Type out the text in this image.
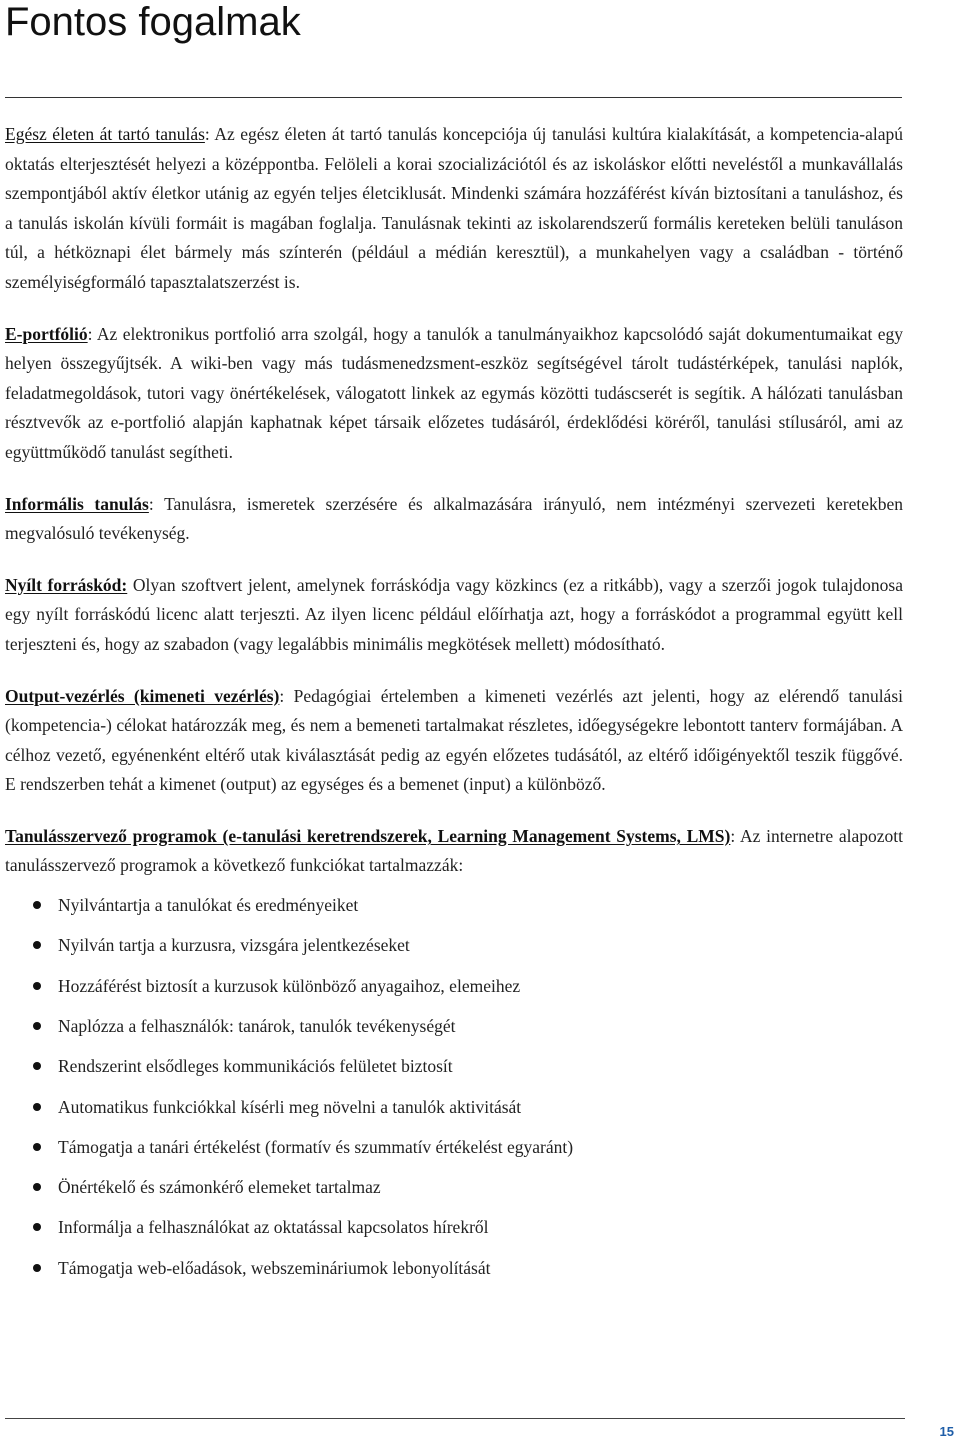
Fontos fogalmak

Egész életen át tartó tanulás: Az egész életen át tartó tanulás koncepciója új tanulási kultúra kialakítását, a kompetencia-alapú oktatás elterjesztését helyezi a középpontba. Felöleli a korai szocializációtól és az iskoláskor előtti neveléstől a munkavállalás szempontjából aktív életkor utánig az egyén teljes életciklusát. Mindenki számára hozzáférést kíván biztosítani a tanuláshoz, és a tanulás iskolán kívüli formáit is magában foglalja. Tanulásnak tekinti az iskolarendszerű formális kereteken belüli tanuláson túl, a hétköznapi élet bármely más színterén (például a médián keresztül), a munkahelyen vagy a családban - történő személyiségformáló tapasztalatszerzést is.

E-portfólió: Az elektronikus portfolió arra szolgál, hogy a tanulók a tanulmányaikhoz kapcsolódó saját dokumentumaikat egy helyen összegyűjtsék. A wiki-ben vagy más tudásmenedzsment-eszköz segítségével tárolt tudástérképek, tanulási naplók, feladatmegoldások, tutori vagy önértékelések, válogatott linkek az egymás közötti tudáscserét is segítik. A hálózati tanulásban résztvevők az e-portfolió alapján kaphatnak képet társaik előzetes tudásáról, érdeklődési köréről, tanulási stílusáról, ami az együttműködő tanulást segítheti.

Informális tanulás: Tanulásra, ismeretek szerzésére és alkalmazására irányuló, nem intézményi szervezeti keretekben megvalósuló tevékenység.

Nyílt forráskód: Olyan szoftvert jelent, amelynek forráskódja vagy közkincs (ez a ritkább), vagy a szerzői jogok tulajdonosa egy nyílt forráskódú licenc alatt terjeszti. Az ilyen licenc például előírhatja azt, hogy a forráskódot a programmal együtt kell terjeszteni és, hogy az szabadon (vagy legalábbis minimális megkötések mellett) módosítható.

Output-vezérlés (kimeneti vezérlés): Pedagógiai értelemben a kimeneti vezérlés azt jelenti, hogy az elérendő tanulási (kompetencia-) célokat határozzák meg, és nem a bemeneti tartalmakat részletes, időegységekre lebontott tanterv formájában. A célhoz vezető, egyénenként eltérő utak kiválasztását pedig az egyén előzetes tudásától, az eltérő időigényektől teszik függővé. E rendszerben tehát a kimenet (output) az egységes és a bemenet (input) a különböző.

Tanulásszervező programok (e-tanulási keretrendszerek, Learning Management Systems, LMS): Az internetre alapozott tanulásszervező programok a következő funkciókat tartalmazzák:

Nyilvántartja a tanulókat és eredményeiket
Nyilván tartja a kurzusra, vizsgára jelentkezéseket
Hozzáférést biztosít a kurzusok különböző anyagaihoz, elemeihez
Naplózza a felhasználók: tanárok, tanulók tevékenységét
Rendszerint elsődleges kommunikációs felületet biztosít
Automatikus funkciókkal kísérli meg növelni a tanulók aktivitását
Támogatja a tanári értékelést (formatív és szummatív értékelést egyaránt)
Önértékelő és számonkérő elemeket tartalmaz
Informálja a felhasználókat az oktatással kapcsolatos hírekről
Támogatja web-előadások, webszemináriumok lebonyolítását
15
